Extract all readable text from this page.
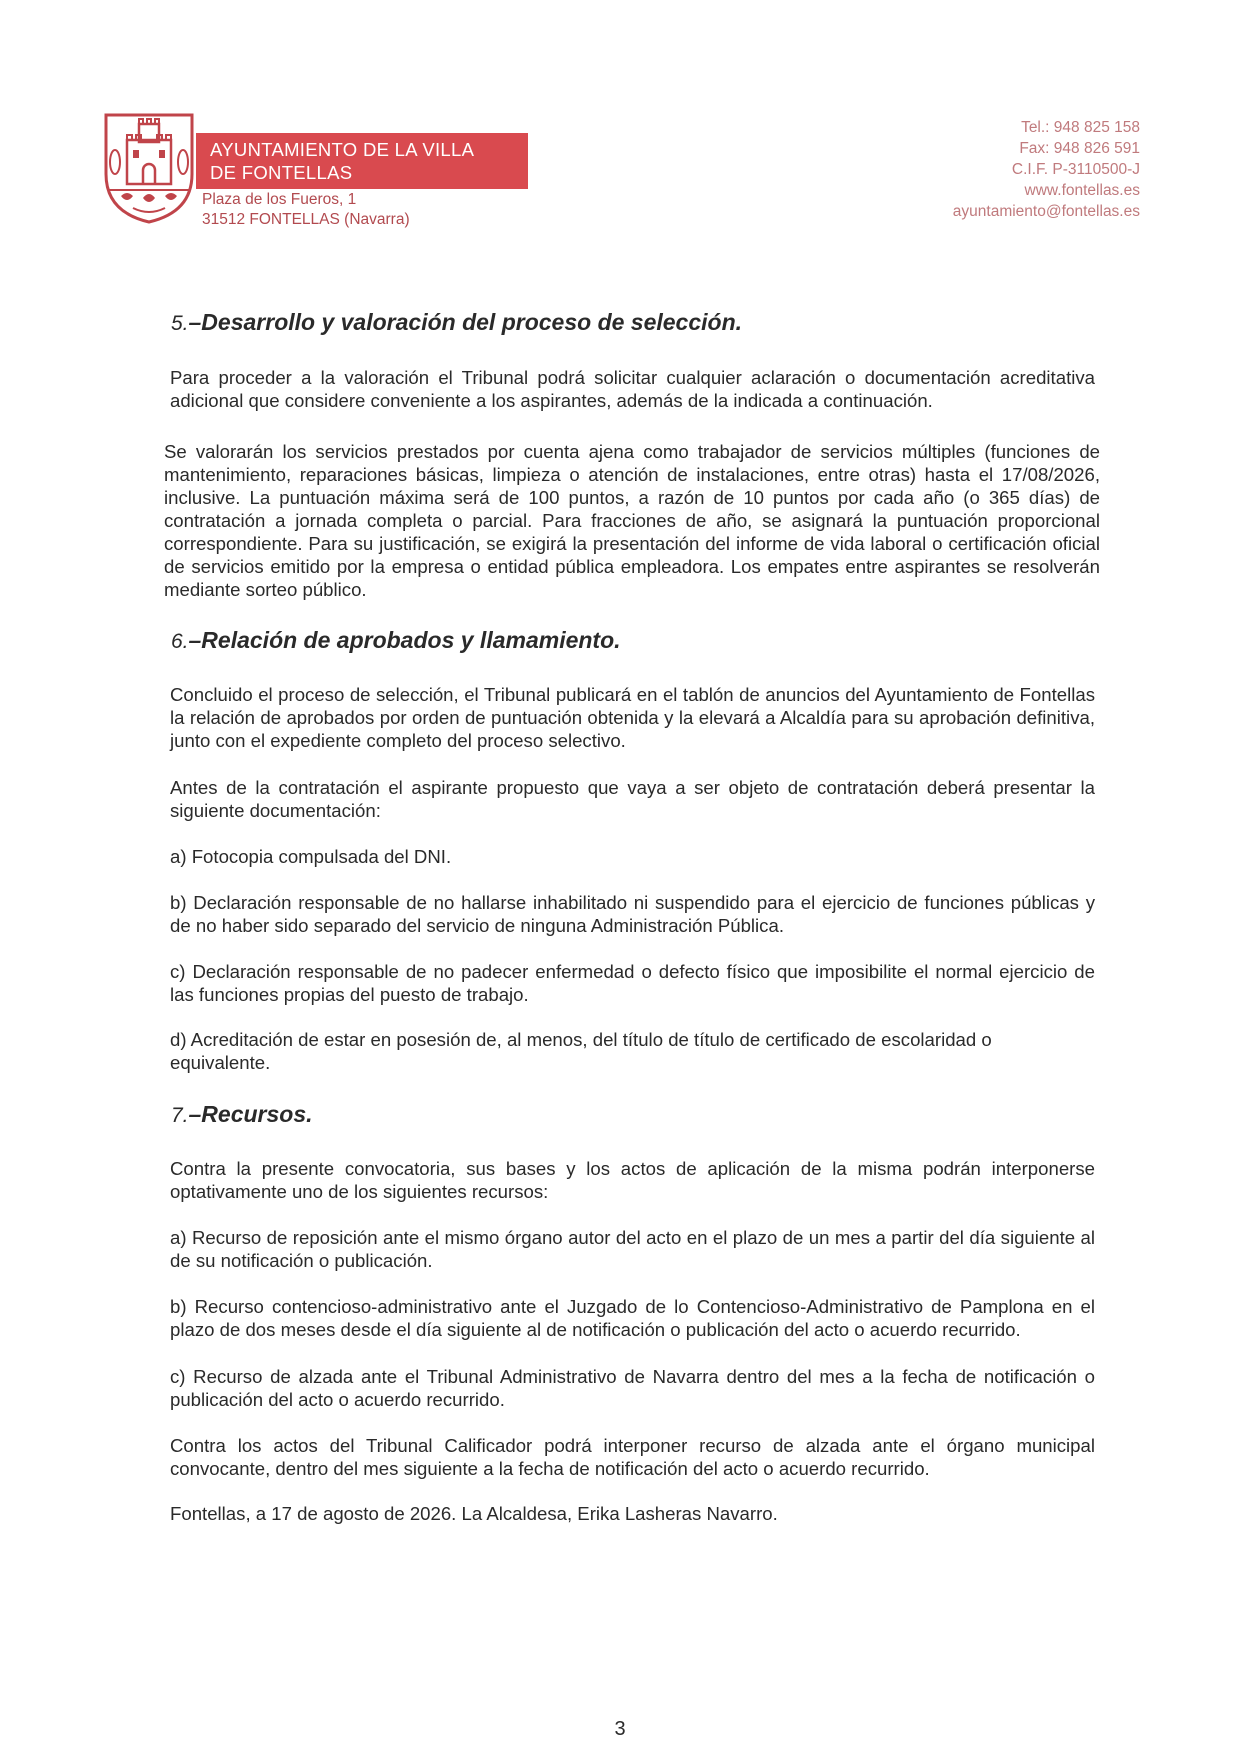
AYUNTAMIENTO DE LA VILLA
DE FONTELLAS
Plaza de los Fueros, 1
31512 FONTELLAS (Navarra)
Tel.: 948 825 158
Fax: 948 826 591
C.I.F. P-3110500-J
www.fontellas.es
ayuntamiento@fontellas.es
5.–Desarrollo y valoración del proceso de selección.
Para proceder a la valoración el Tribunal podrá solicitar cualquier aclaración o documentación acreditativa adicional que considere conveniente a los aspirantes, además de la indicada a continuación.
Se valorarán los servicios prestados por cuenta ajena como trabajador de servicios múltiples (funciones de mantenimiento, reparaciones básicas, limpieza o atención de instalaciones, entre otras) hasta el 17/08/2026, inclusive. La puntuación máxima será de 100 puntos, a razón de 10 puntos por cada año (o 365 días) de contratación a jornada completa o parcial. Para fracciones de año, se asignará la puntuación proporcional correspondiente. Para su justificación, se exigirá la presentación del informe de vida laboral o certificación oficial de servicios emitido por la empresa o entidad pública empleadora. Los empates entre aspirantes se resolverán mediante sorteo público.
6.–Relación de aprobados y llamamiento.
Concluido el proceso de selección, el Tribunal publicará en el tablón de anuncios del Ayuntamiento de Fontellas la relación de aprobados por orden de puntuación obtenida y la elevará a Alcaldía para su aprobación definitiva, junto con el expediente completo del proceso selectivo.
Antes de la contratación el aspirante propuesto que vaya a ser objeto de contratación deberá presentar la siguiente documentación:
a) Fotocopia compulsada del DNI.
b) Declaración responsable de no hallarse inhabilitado ni suspendido para el ejercicio de funciones públicas y de no haber sido separado del servicio de ninguna Administración Pública.
c) Declaración responsable de no padecer enfermedad o defecto físico que imposibilite el normal ejercicio de las funciones propias del puesto de trabajo.
d) Acreditación de estar en posesión de, al menos, del título de título de certificado de escolaridad o equivalente.
7.–Recursos.
Contra la presente convocatoria, sus bases y los actos de aplicación de la misma podrán interponerse optativamente uno de los siguientes recursos:
a) Recurso de reposición ante el mismo órgano autor del acto en el plazo de un mes a partir del día siguiente al de su notificación o publicación.
b) Recurso contencioso-administrativo ante el Juzgado de lo Contencioso-Administrativo de Pamplona en el plazo de dos meses desde el día siguiente al de notificación o publicación del acto o acuerdo recurrido.
c) Recurso de alzada ante el Tribunal Administrativo de Navarra dentro del mes a la fecha de notificación o publicación del acto o acuerdo recurrido.
Contra los actos del Tribunal Calificador podrá interponer recurso de alzada ante el órgano municipal convocante, dentro del mes siguiente a la fecha de notificación del acto o acuerdo recurrido.
Fontellas, a 17 de agosto de 2026. La Alcaldesa, Erika Lasheras Navarro.
3
